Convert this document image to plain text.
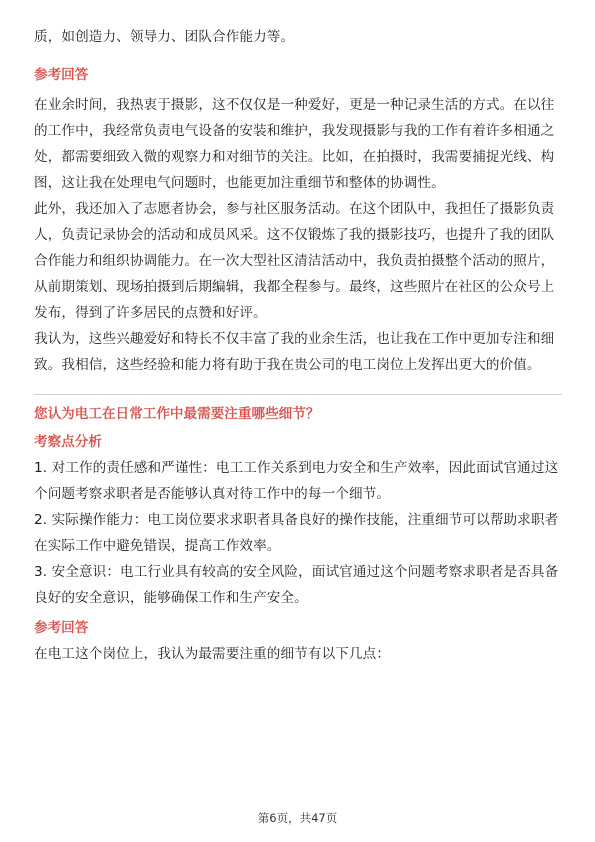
质，如创造力、领导力、团队合作能力等。

参考回答

在业余时间，我热衷于摄影，这不仅仅是一种爱好，更是一种记录生活的方式。在以往的工作中，我经常负责电气设备的安装和维护，我发现摄影与我的工作有着许多相通之处，都需要细致入微的观察力和对细节的关注。比如，在拍摄时，我需要捕捉光线、构图，这让我在处理电气问题时，也能更加注重细节和整体的协调性。

此外，我还加入了志愿者协会，参与社区服务活动。在这个团队中，我担任了摄影负责人，负责记录协会的活动和成员风采。这不仅锻炼了我的摄影技巧，也提升了我的团队合作能力和组织协调能力。在一次大型社区清洁活动中，我负责拍摄整个活动的照片，从前期策划、现场拍摄到后期编辑，我都全程参与。最终，这些照片在社区的公众号上发布，得到了许多居民的点赞和好评。

我认为，这些兴趣爱好和特长不仅丰富了我的业余生活，也让我在工作中更加专注和细致。我相信，这些经验和能力将有助于我在贵公司的电工岗位上发挥出更大的价值。

您认为电工在日常工作中最需要注重哪些细节？

考察点分析

1. 对工作的责任感和严谨性：电工工作关系到电力安全和生产效率，因此面试官通过这个问题考察求职者是否能够认真对待工作中的每一个细节。

2. 实际操作能力：电工岗位要求求职者具备良好的操作技能，注重细节可以帮助求职者在实际工作中避免错误，提高工作效率。

3. 安全意识：电工行业具有较高的安全风险，面试官通过这个问题考察求职者是否具备良好的安全意识，能够确保工作和生产安全。

参考回答

在电工这个岗位上，我认为最需要注重的细节有以下几点：

第6页，共47页
